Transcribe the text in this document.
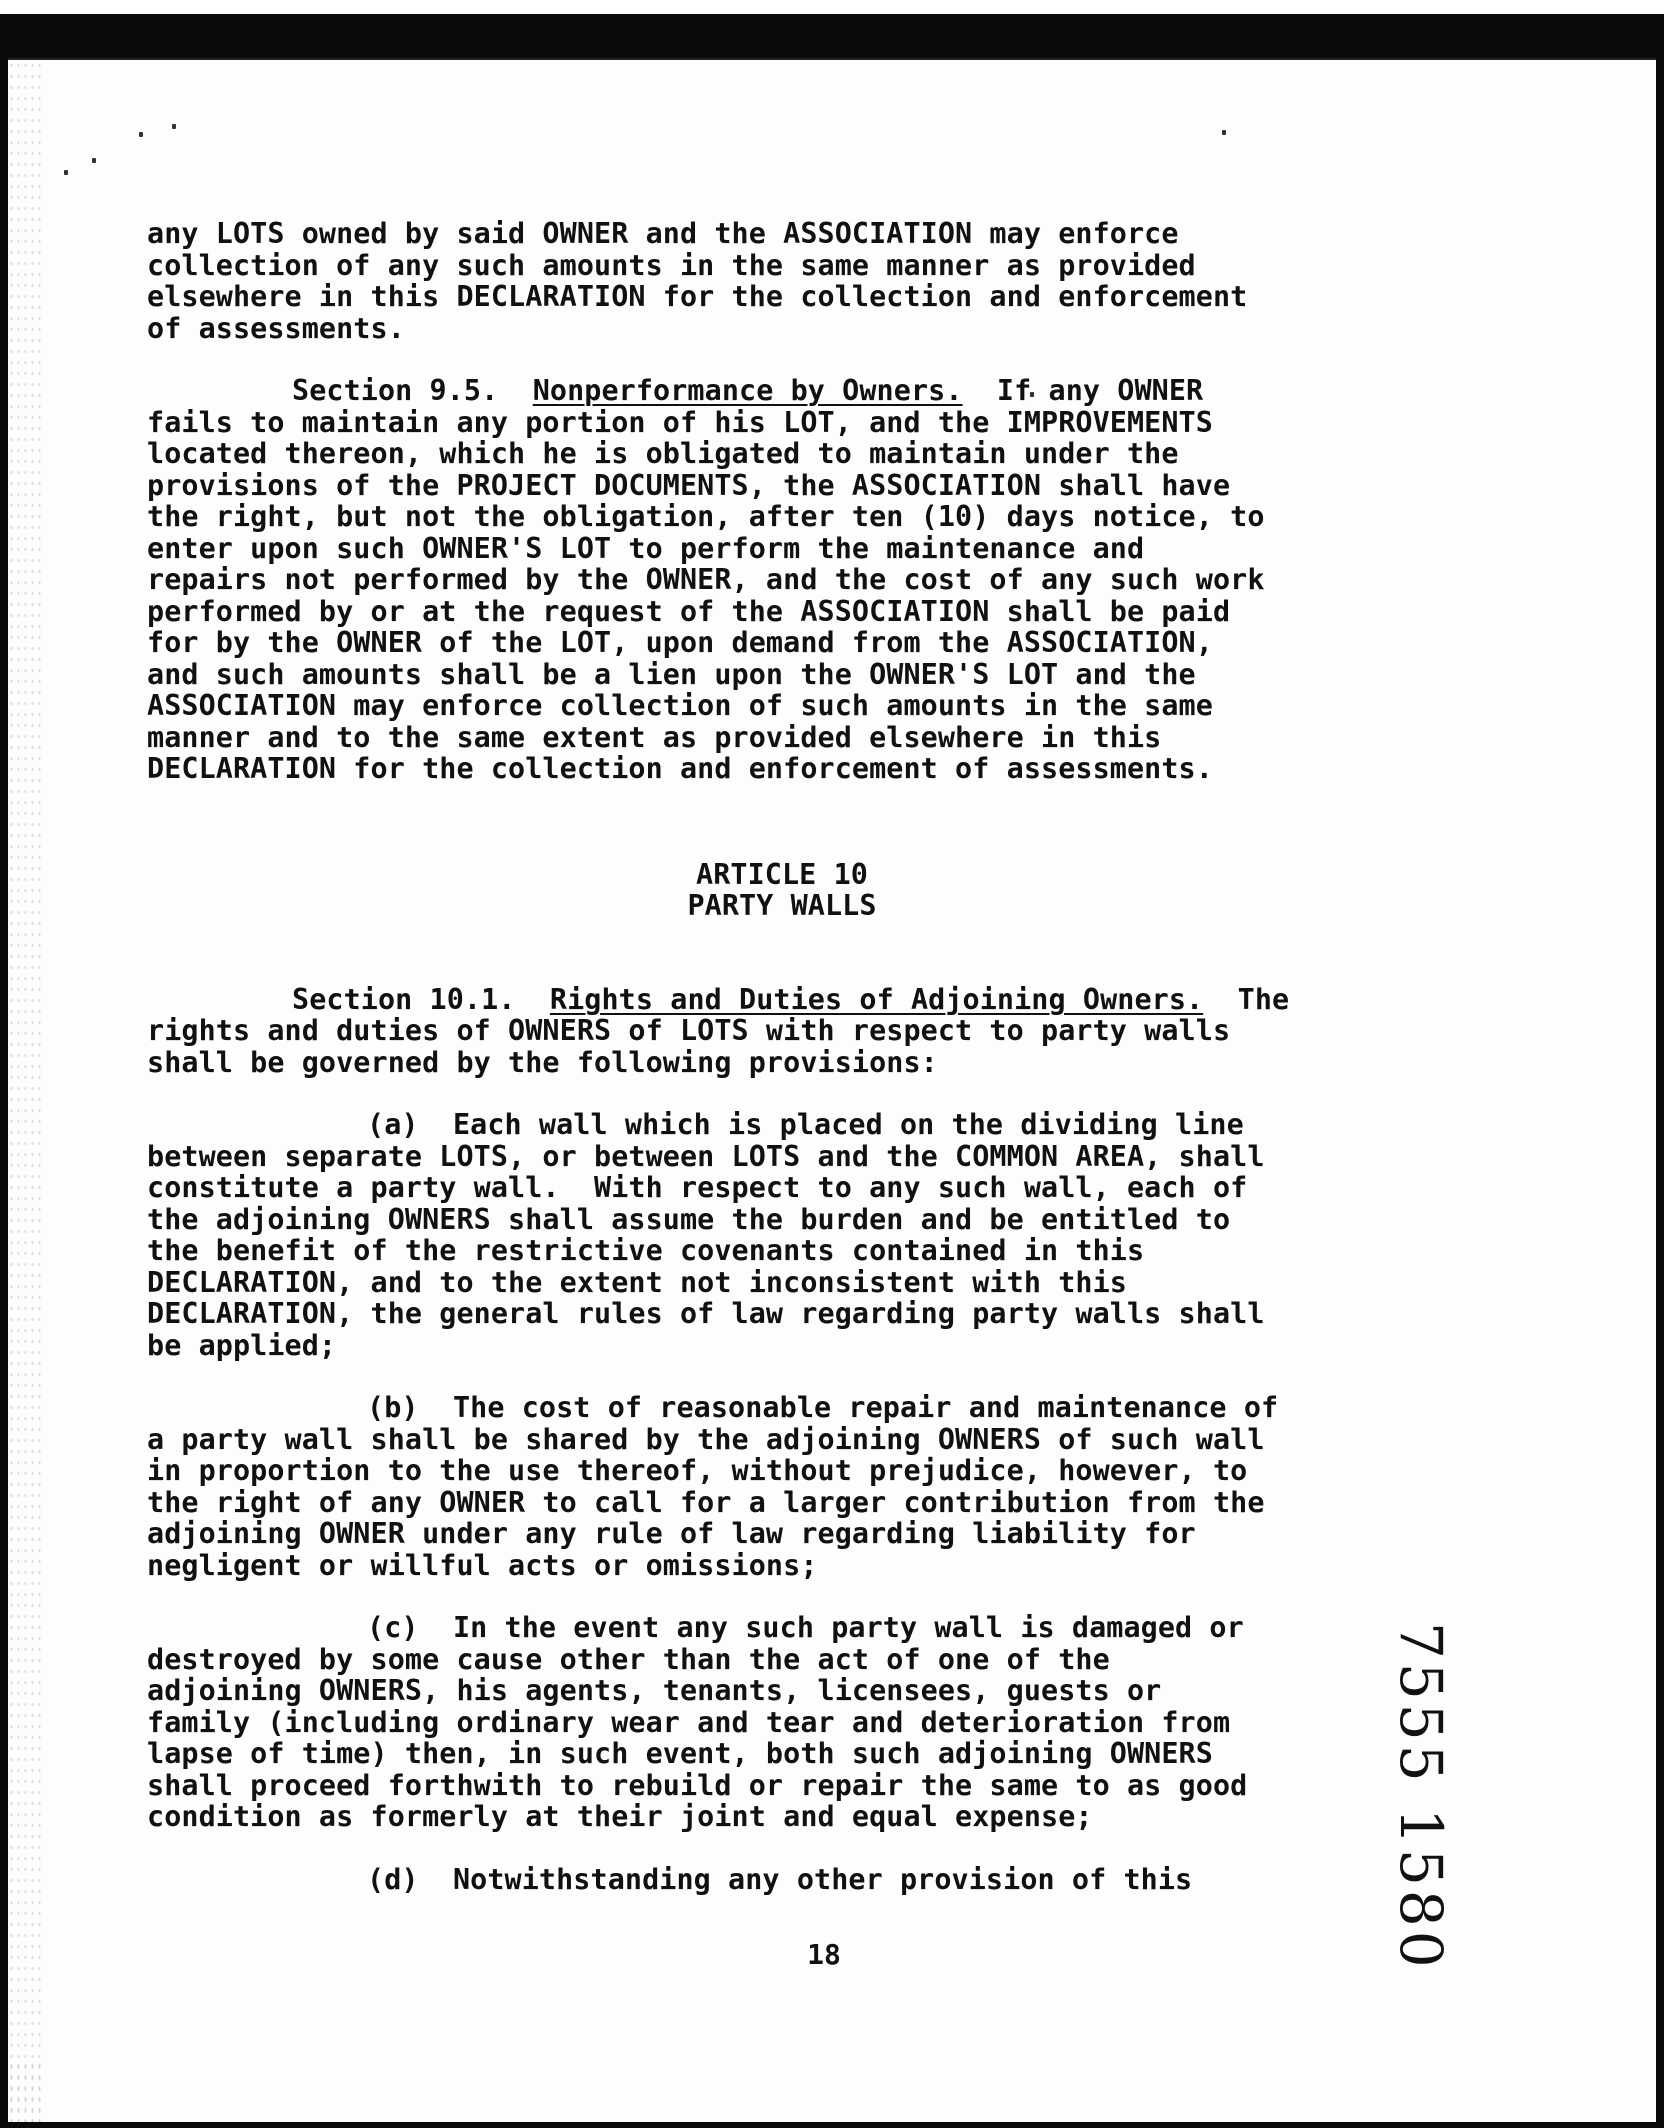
any LOTS owned by said OWNER and the ASSOCIATION may enforce

collection of any such amounts in the same manner as provided

elsewhere in this DECLARATION for the collection and enforcement

of assessments.

Section 9.5. Nonperformance by Owners. If any OWNER

fails to maintain any portion of his LOT, and the IMPROVEMENTS

located thereon, which he is obligated to maintain under the

provisions of the PROJECT DOCUMENTS, the ASSOCIATION shall have

the right, but not the obligation, after ten (10) days notice, to

enter upon such OWNER'S LOT to perform the maintenance and

repairs not performed by the OWNER, and the cost of any such work

performed by or at the request of the ASSOCIATION shall be paid

for by the OWNER of the LOT, upon demand from the ASSOCIATION,

and such amounts shall be a lien upon the OWNER'S LOT and the

ASSOCIATION may enforce collection of such amounts in the same

manner and to the same extent as provided elsewhere in this

DECLARATION for the collection and enforcement of assessments.

ARTICLE 10

PARTY WALLS

Section 10.1. Rights and Duties of Adjoining Owners. The

rights and duties of OWNERS of LOTS with respect to party walls

shall be governed by the following provisions:

(a)  Each wall which is placed on the dividing line

between separate LOTS, or between LOTS and the COMMON AREA, shall

constitute a party wall.  With respect to any such wall, each of

the adjoining OWNERS shall assume the burden and be entitled to

the benefit of the restrictive covenants contained in this

DECLARATION, and to the extent not inconsistent with this

DECLARATION, the general rules of law regarding party walls shall

be applied;

(b)  The cost of reasonable repair and maintenance of

a party wall shall be shared by the adjoining OWNERS of such wall

in proportion to the use thereof, without prejudice, however, to

the right of any OWNER to call for a larger contribution from the

adjoining OWNER under any rule of law regarding liability for

negligent or willful acts or omissions;

(c)  In the event any such party wall is damaged or

destroyed by some cause other than the act of one of the

adjoining OWNERS, his agents, tenants, licensees, guests or

family (including ordinary wear and tear and deterioration from

lapse of time) then, in such event, both such adjoining OWNERS

shall proceed forthwith to rebuild or repair the same to as good

condition as formerly at their joint and equal expense;

(d)  Notwithstanding any other provision of this

18	7555 1580
